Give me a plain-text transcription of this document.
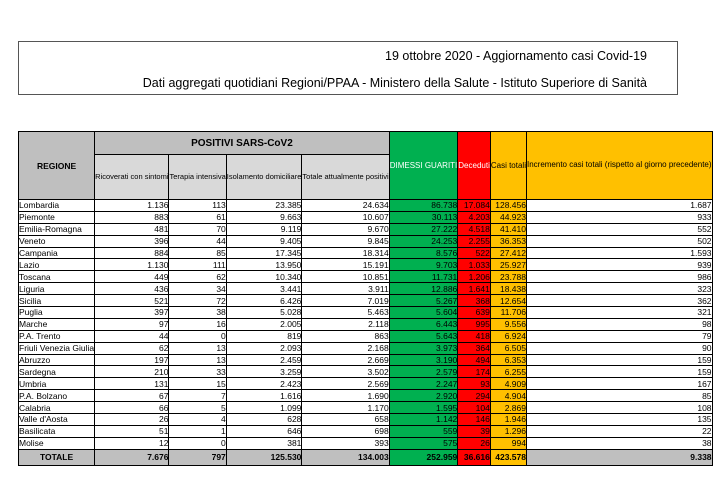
19 ottobre 2020 - Aggiornamento casi Covid-19
Dati aggregati quotidiani Regioni/PPAA - Ministero della Salute - Istituto Superiore di Sanità
REGIONE	POSITIVI SARS-CoV2				DIMESSI GUARITI	Deceduti	Casi totali	Incremento casi totali (rispetto al giorno precedente)
	Ricoverati con sintomi	Terapia intensiva	Isolamento domiciliare	Totale attualmente positivi				
Lombardia	1.136	113	23.385	24.634	86.738	17.084	128.456	1.687
Piemonte	883	61	9.663	10.607	30.113	4.203	44.923	933
Emilia-Romagna	481	70	9.119	9.670	27.222	4.518	41.410	552
Veneto	396	44	9.405	9.845	24.253	2.255	36.353	502
Campania	884	85	17.345	18.314	8.576	522	27.412	1.593
Lazio	1.130	111	13.950	15.191	9.703	1.033	25.927	939
Toscana	449	62	10.340	10.851	11.731	1.206	23.788	986
Liguria	436	34	3.441	3.911	12.886	1.641	18.438	323
Sicilia	521	72	6.426	7.019	5.267	368	12.654	362
Puglia	397	38	5.028	5.463	5.604	639	11.706	321
Marche	97	16	2.005	2.118	6.443	995	9.556	98
P.A. Trento	44	0	819	863	5.643	418	6.924	79
Friuli Venezia Giulia	62	13	2.093	2.168	3.973	364	6.505	90
Abruzzo	197	13	2.459	2.669	3.190	494	6.353	159
Sardegna	210	33	3.259	3.502	2.579	174	6.255	159
Umbria	131	15	2.423	2.569	2.247	93	4.909	167
P.A. Bolzano	67	7	1.616	1.690	2.920	294	4.904	85
Calabria	66	5	1.099	1.170	1.595	104	2.869	108
Valle d'Aosta	26	4	628	658	1.142	146	1.946	135
Basilicata	51	1	646	698	559	39	1.296	22
Molise	12	0	381	393	575	26	994	38
TOTALE	7.676	797	125.530	134.003	252.959	36.616	423.578	9.338
